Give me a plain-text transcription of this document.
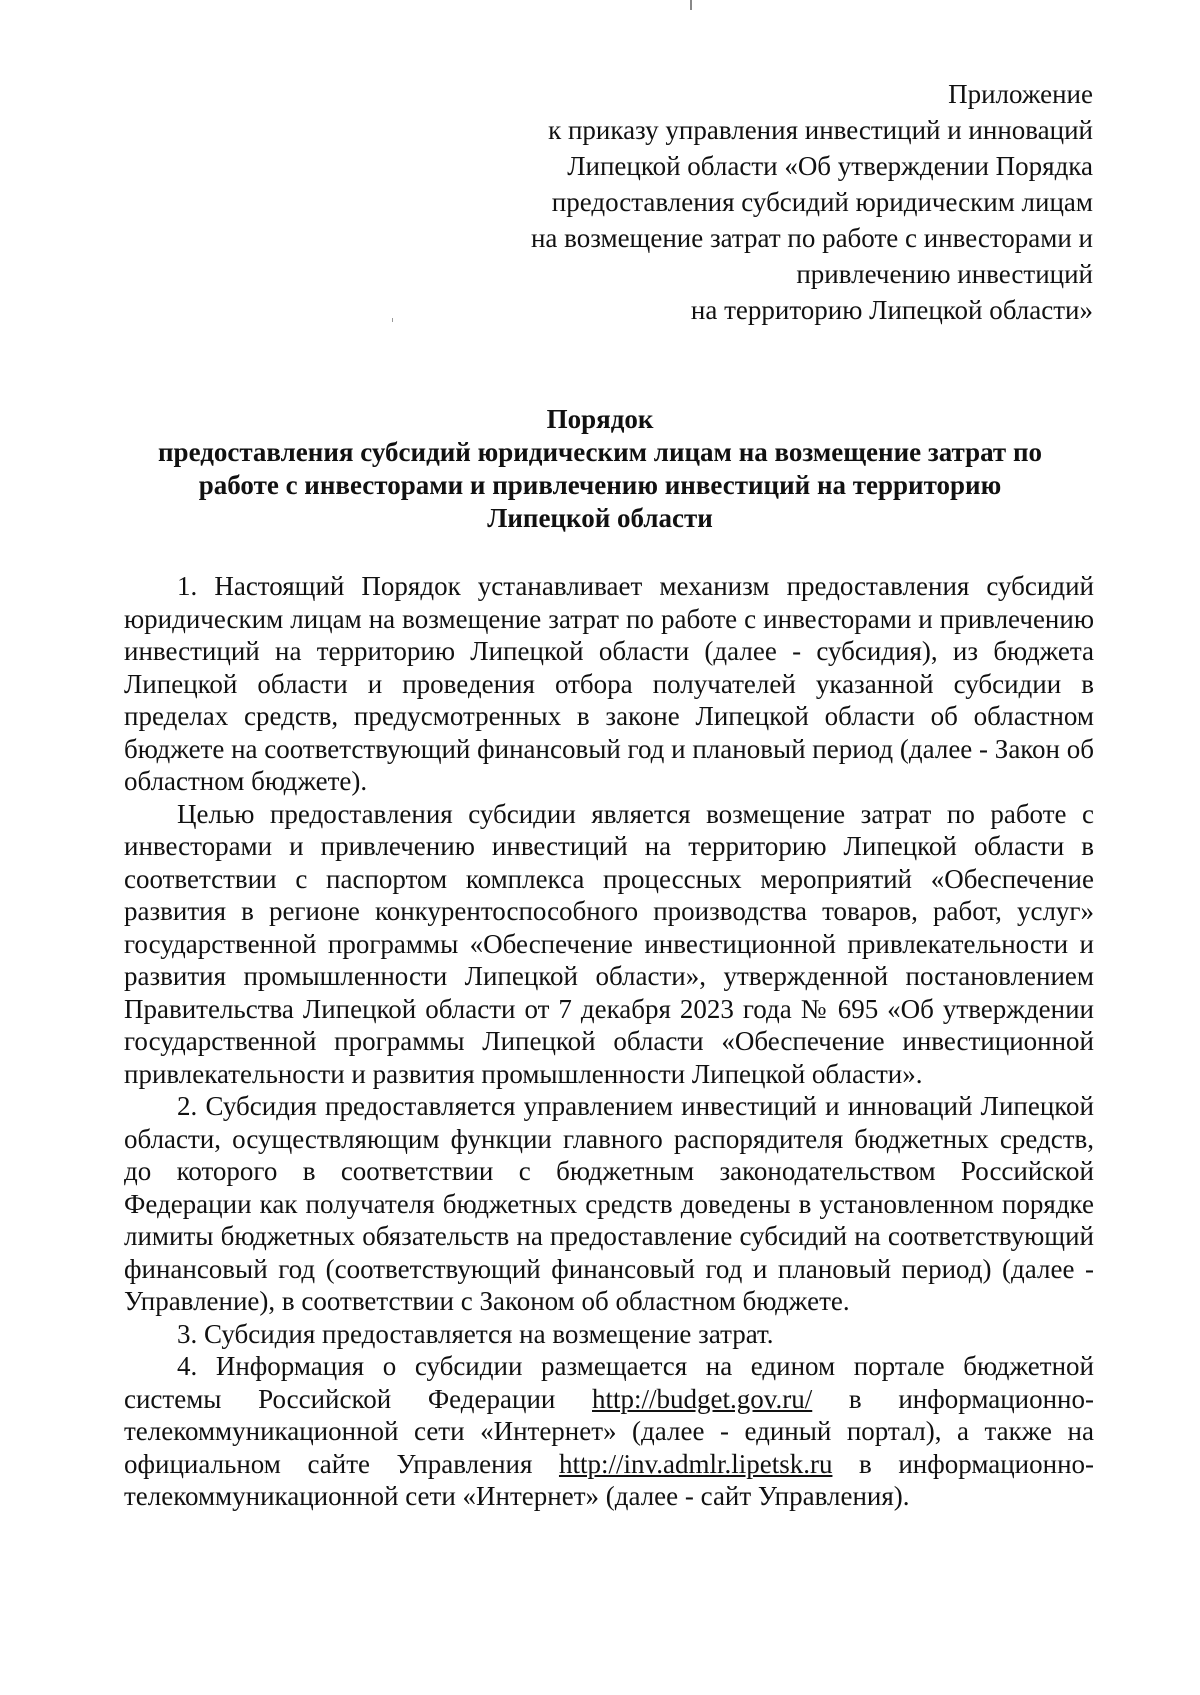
Приложение
к приказу управления инвестиций и инноваций
Липецкой области «Об утверждении Порядка
предоставления субсидий юридическим лицам
на возмещение затрат по работе с инвесторами и
привлечению инвестиций
на территорию Липецкой области»
Порядок
предоставления субсидий юридическим лицам на возмещение затрат по
работе с инвесторами и привлечению инвестиций на территорию
Липецкой области

1. Настоящий Порядок устанавливает механизм предоставления субсидий юридическим лицам на возмещение затрат по работе с инвесторами и привлечению инвестиций на территорию Липецкой области (далее - субсидия), из бюджета Липецкой области и проведения отбора получателей указанной субсидии в пределах средств, предусмотренных в законе Липецкой области об областном бюджете на соответствующий финансовый год и плановый период (далее - Закон об областном бюджете).

Целью предоставления субсидии является возмещение затрат по работе с инвесторами и привлечению инвестиций на территорию Липецкой области в соответствии с паспортом комплекса процессных мероприятий «Обеспечение развития в регионе конкурентоспособного производства товаров, работ, услуг» государственной программы «Обеспечение инвестиционной привлекательности и развития промышленности Липецкой области», утвержденной постановлением Правительства Липецкой области от 7 декабря 2023 года № 695 «Об утверждении государственной программы Липецкой области «Обеспечение инвестиционной привлекательности и развития промышленности Липецкой области».

2. Субсидия предоставляется управлением инвестиций и инноваций Липецкой области, осуществляющим функции главного распорядителя бюджетных средств, до которого в соответствии с бюджетным законодательством Российской Федерации как получателя бюджетных средств доведены в установленном порядке лимиты бюджетных обязательств на предоставление субсидий на соответствующий финансовый год (соответствующий финансовый год и плановый период) (далее - Управление), в соответствии с Законом об областном бюджете.

3. Субсидия предоставляется на возмещение затрат.

4. Информация о субсидии размещается на едином портале бюджетной системы Российской Федерации http://budget.gov.ru/ в информационно-телекоммуникационной сети «Интернет» (далее - единый портал), а также на официальном сайте Управления http://inv.admlr.lipetsk.ru в информационно-телекоммуникационной сети «Интернет» (далее - сайт Управления).
